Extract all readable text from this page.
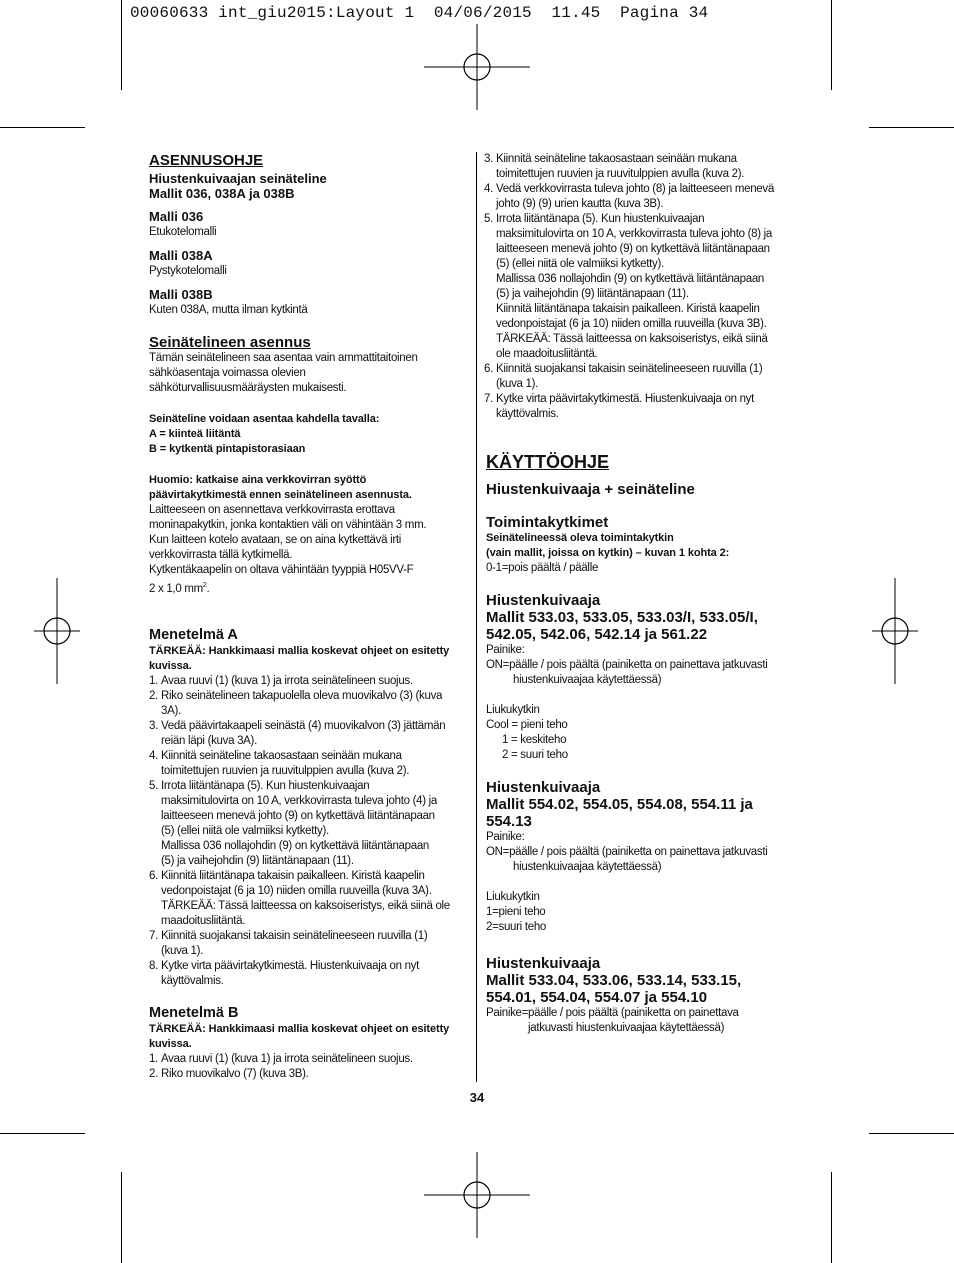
00060633 int_giu2015:Layout 1  04/06/2015  11.45  Pagina 34
ASENNUSOHJE
Hiustenkuivaajan seinäteline
Mallit 036, 038A ja 038B
Malli 036
Etukotelomalli
Malli 038A
Pystykotelomalli
Malli 038B
Kuten 038A, mutta ilman kytkintä
Seinätelineen asennus
Tämän seinätelineen saa asentaa vain ammattitaitoinen
sähköasentaja voimassa olevien
sähköturvallisuusmääräysten mukaisesti.
Seinäteline voidaan asentaa kahdella tavalla:
A = kiinteä liitäntä
B = kytkentä pintapistorasiaan
Huomio: katkaise aina verkkovirran syöttö
päävirtakytkimestä ennen seinätelineen asennusta.
Laitteeseen on asennettava verkkovirrasta erottava
moninapakytkin, jonka kontaktien väli on vähintään 3 mm.
Kun laitteen kotelo avataan, se on aina kytkettävä irti
verkkovirrasta tällä kytkimellä.
Kytkentäkaapelin on oltava vähintään tyyppiä H05VV-F
2 x 1,0 $mm^2$.
Menetelmä A
TÄRKEÄÄ: Hankkimaasi mallia koskevat ohjeet on esitetty
kuvissa.
1. Avaa ruuvi (1) (kuva 1) ja irrota seinätelineen suojus.
2. Riko seinätelineen takapuolella oleva muovikalvo (3) (kuva
3A).
3. Vedä päävirtakaapeli seinästä (4) muovikalvon (3) jättämän
reiän läpi (kuva 3A).
4. Kiinnitä seinäteline takaosastaan seinään mukana
toimitettujen ruuvien ja ruuvitulppien avulla (kuva 2).
5. Irrota liitäntänapa (5). Kun hiustenkuivaajan
maksimitulovirta on 10 A, verkkovirrasta tuleva johto (4) ja
laitteeseen menevä johto (9) on kytkettävä liitäntänapaan
(5) (ellei niitä ole valmiiksi kytketty).
Mallissa 036 nollajohdin (9) on kytkettävä liitäntänapaan
(5) ja vaihejohdin (9) liitäntänapaan (11).
6. Kiinnitä liitäntänapa takaisin paikalleen. Kiristä kaapelin
vedonpoistajat (6 ja 10) niiden omilla ruuveilla (kuva 3A).
TÄRKEÄÄ: Tässä laitteessa on kaksoiseristys, eikä siinä ole
maadoitusliitäntä.
7. Kiinnitä suojakansi takaisin seinätelineeseen ruuvilla (1)
(kuva 1).
8. Kytke virta päävirtakytkimestä. Hiustenkuivaaja on nyt
käyttövalmis.
Menetelmä B
TÄRKEÄÄ: Hankkimaasi mallia koskevat ohjeet on esitetty
kuvissa.
1. Avaa ruuvi (1) (kuva 1) ja irrota seinätelineen suojus.
2. Riko muovikalvo (7) (kuva 3B).
3. Kiinnitä seinäteline takaosastaan seinään mukana
toimitettujen ruuvien ja ruuvitulppien avulla (kuva 2).
4. Vedä verkkovirrasta tuleva johto (8) ja laitteeseen menevä
johto (9) (9) urien kautta (kuva 3B).
5. Irrota liitäntänapa (5). Kun hiustenkuivaajan
maksimitulovirta on 10 A, verkkovirrasta tuleva johto (8) ja
laitteeseen menevä johto (9) on kytkettävä liitäntänapaan
(5) (ellei niitä ole valmiiksi kytketty).
Mallissa 036 nollajohdin (9) on kytkettävä liitäntänapaan
(5) ja vaihejohdin (9) liitäntänapaan (11).
Kiinnitä liitäntänapa takaisin paikalleen. Kiristä kaapelin
vedonpoistajat (6 ja 10) niiden omilla ruuveilla (kuva 3B).
TÄRKEÄÄ: Tässä laitteessa on kaksoiseristys, eikä siinä
ole maadoitusliitäntä.
6. Kiinnitä suojakansi takaisin seinätelineeseen ruuvilla (1)
(kuva 1).
7. Kytke virta päävirtakytkimestä. Hiustenkuivaaja on nyt
käyttövalmis.
KÄYTTÖOHJE
Hiustenkuivaaja + seinäteline
Toimintakytkimet
Seinätelineessä oleva toimintakytkin
(vain mallit, joissa on kytkin) – kuvan 1 kohta 2:
0-1=pois päältä / päälle
Hiustenkuivaaja
Mallit 533.03, 533.05, 533.03/I, 533.05/I,
542.05, 542.06, 542.14 ja 561.22
Painike:
ON=päälle / pois päältä (painiketta on painettava jatkuvasti
hiustenkuivaajaa käytettäessä)
Liukukytkin
Cool = pieni teho
1 = keskiteho
2 = suuri teho
Hiustenkuivaaja
Mallit 554.02, 554.05, 554.08, 554.11 ja
554.13
Painike:
ON=päälle / pois päältä (painiketta on painettava jatkuvasti
hiustenkuivaajaa käytettäessä)
Liukukytkin
1=pieni teho
2=suuri teho
Hiustenkuivaaja
Mallit 533.04, 533.06, 533.14, 533.15,
554.01, 554.04, 554.07 ja 554.10
Painike=päälle / pois päältä (painiketta on painettava
jatkuvasti hiustenkuivaajaa käytettäessä)
34
